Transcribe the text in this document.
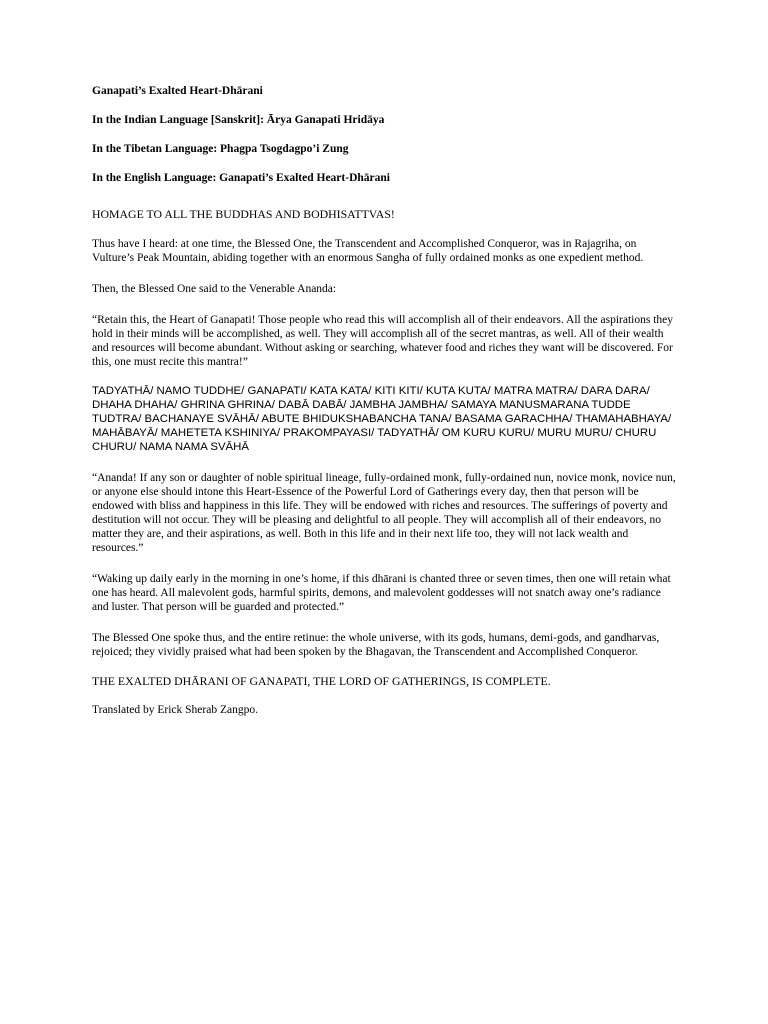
Ganapati’s Exalted Heart-Dhārani

In the Indian Language [Sanskrit]: Ārya Ganapati Hridāya

In the Tibetan Language: Phagpa Tsogdagpo’i Zung

In the English Language: Ganapati’s Exalted Heart-Dhārani

HOMAGE TO ALL THE BUDDHAS AND BODHISATTVAS!

Thus have I heard: at one time, the Blessed One, the Transcendent and Accomplished Conqueror, was in Rajagriha, on Vulture’s Peak Mountain, abiding together with an enormous Sangha of fully ordained monks as one expedient method.

Then, the Blessed One said to the Venerable Ananda:

“Retain this, the Heart of Ganapati! Those people who read this will accomplish all of their endeavors. All the aspirations they hold in their minds will be accomplished, as well. They will accomplish all of the secret mantras, as well. All of their wealth and resources will become abundant. Without asking or searching, whatever food and riches they want will be discovered. For this, one must recite this mantra!”

TADYATHĀ/ NAMO TUDDHE/ GANAPATI/ KATA KATA/ KITI KITI/ KUTA KUTA/ MATRA MATRA/ DARA DARA/ DHAHA DHAHA/ GHRINA GHRINA/ DABĀ DABĀ/ JAMBHA JAMBHA/ SAMAYA MANUSMARANA TUDDE TUDTRA/ BACHANAYE SVĀHĀ/ ABUTE BHIDUKSHABANCHA TANA/ BASAMA GARACHHA/ THAMAHABHAYA/ MAHĀBAYĀ/ MAHETETA KSHINIYA/ PRAKOMPAYASI/ TADYATHĀ/ OM KURU KURU/ MURU MURU/ CHURU CHURU/ NAMA NAMA SVĀHĀ

“Ananda! If any son or daughter of noble spiritual lineage, fully-ordained monk, fully-ordained nun, novice monk, novice nun, or anyone else should intone this Heart-Essence of the Powerful Lord of Gatherings every day, then that person will be endowed with bliss and happiness in this life. They will be endowed with riches and resources. The sufferings of poverty and destitution will not occur. They will be pleasing and delightful to all people. They will accomplish all of their endeavors, no matter they are, and their aspirations, as well. Both in this life and in their next life too, they will not lack wealth and resources.”

“Waking up daily early in the morning in one’s home, if this dhārani is chanted three or seven times, then one will retain what one has heard. All malevolent gods, harmful spirits, demons, and malevolent goddesses will not snatch away one’s radiance and luster. That person will be guarded and protected.”

The Blessed One spoke thus, and the entire retinue: the whole universe, with its gods, humans, demi-gods, and gandharvas, rejoiced; they vividly praised what had been spoken by the Bhagavan, the Transcendent and Accomplished Conqueror.

THE EXALTED DHĀRANI OF GANAPATI, THE LORD OF GATHERINGS, IS COMPLETE.

Translated by Erick Sherab Zangpo.
